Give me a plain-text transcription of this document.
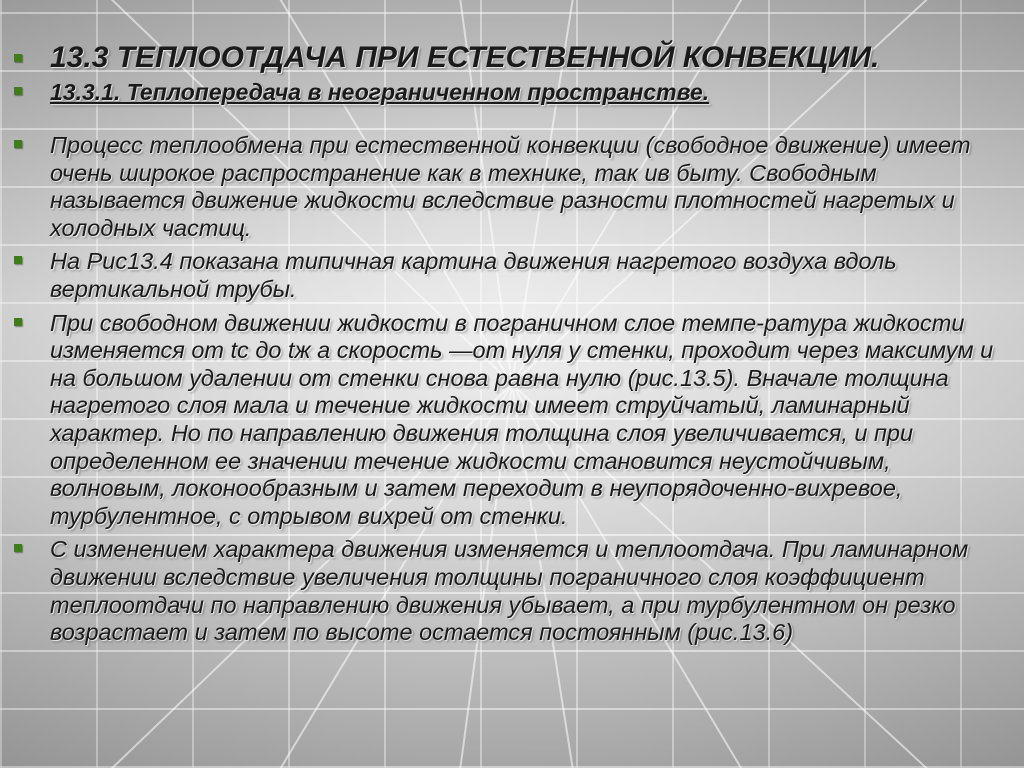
13.3 ТЕПЛООТДАЧА ПРИ ЕСТЕСТВЕННОЙ КОНВЕКЦИИ.
13.3.1. Теплопередача в неограниченном пространстве.
Процесс теплообмена при естественной конвекции (свободное движение) имеет очень широкое распространение как в технике, так ив быту. Свободным называется движение жидкости вследствие разности плотностей нагретых и холодных частиц.
На Рис13.4 показана типичная картина движения нагретого воздуха вдоль вертикальной трубы.
При свободном движении жидкости в пограничном слое темпе-ратура жидкости изменяется от tс до tж а скорость —от нуля у стенки, проходит через максимум и на большом удалении от стенки снова равна нулю (рис.13.5). Вначале толщина нагретого слоя мала и течение жидкости имеет струйчатый, ламинарный характер. Но по направлению движения толщина слоя увеличивается, и при определенном ее значении течение жидкости становится неустойчивым, волновым, локонообразным и затем переходит в неупорядоченно-вихревое, турбулентное, с отрывом вихрей от стенки.
С изменением характера движения изменяется и теплоотдача. При ламинарном движении вследствие увеличения толщины пограничного слоя коэффициент теплоотдачи по направлению движения убывает, а при турбулентном он резко возрастает и затем по высоте остается постоянным (рис.13.6)
